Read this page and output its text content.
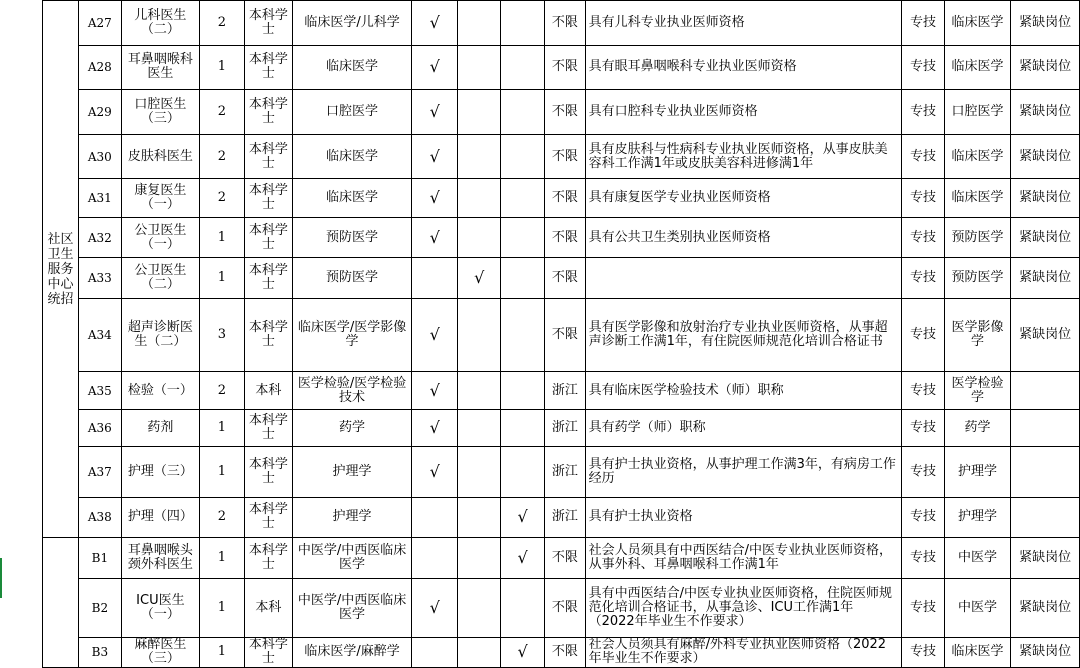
	社区卫生服务中心统招	A27	儿科医生（二）	2	本科学士	临床医学/儿科学	√			不限	具有儿科专业执业医师资格	专技	临床医学	紧缺岗位
		A28	耳鼻咽喉科医生	1	本科学士	临床医学	√			不限	具有眼耳鼻咽喉科专业执业医师资格	专技	临床医学	紧缺岗位
		A29	口腔医生（三）	2	本科学士	口腔医学	√			不限	具有口腔科专业执业医师资格	专技	口腔医学	紧缺岗位
		A30	皮肤科医生	2	本科学士	临床医学	√			不限	具有皮肤科与性病科专业执业医师资格，从事皮肤美容科工作满1年或皮肤美容科进修满1年	专技	临床医学	紧缺岗位
		A31	康复医生（一）	2	本科学士	临床医学	√			不限	具有康复医学专业执业医师资格	专技	临床医学	紧缺岗位
		A32	公卫医生（一）	1	本科学士	预防医学	√			不限	具有公共卫生类别执业医师资格	专技	预防医学	紧缺岗位
		A33	公卫医生（二）	1	本科学士	预防医学		√		不限		专技	预防医学	紧缺岗位
		A34	超声诊断医生（二）	3	本科学士	临床医学/医学影像学	√			不限	具有医学影像和放射治疗专业执业医师资格，从事超声诊断工作满1年，有住院医师规范化培训合格证书	专技	医学影像学	紧缺岗位
		A35	检验（一）	2	本科	医学检验/医学检验技术	√			浙江	具有临床医学检验技术（师）职称	专技	医学检验学	
		A36	药剂	1	本科学士	药学	√			浙江	具有药学（师）职称	专技	药学	
		A37	护理（三）	1	本科学士	护理学	√			浙江	具有护士执业资格，从事护理工作满3年，有病房工作经历	专技	护理学	
		A38	护理（四）	2	本科学士	护理学			√	浙江	具有护士执业资格	专技	护理学	
		B1	耳鼻咽喉头颈外科医生	1	本科学士	中医学/中西医临床医学			√	不限	社会人员须具有中西医结合/中医专业执业医师资格，从事外科、耳鼻咽喉科工作满1年	专技	中医学	紧缺岗位
		B2	ICU医生（一）	1	本科	中医学/中西医临床医学	√			不限	具有中西医结合/中医专业执业医师资格，住院医师规范化培训合格证书，从事急诊、ICU工作满1年（2022年毕业生不作要求）	专技	中医学	紧缺岗位
		B3	麻醉医生（三）	1	本科学士	临床医学/麻醉学			√	不限	社会人员须具有麻醉/外科专业执业医师资格（2022年毕业生不作要求）	专技	临床医学	紧缺岗位
